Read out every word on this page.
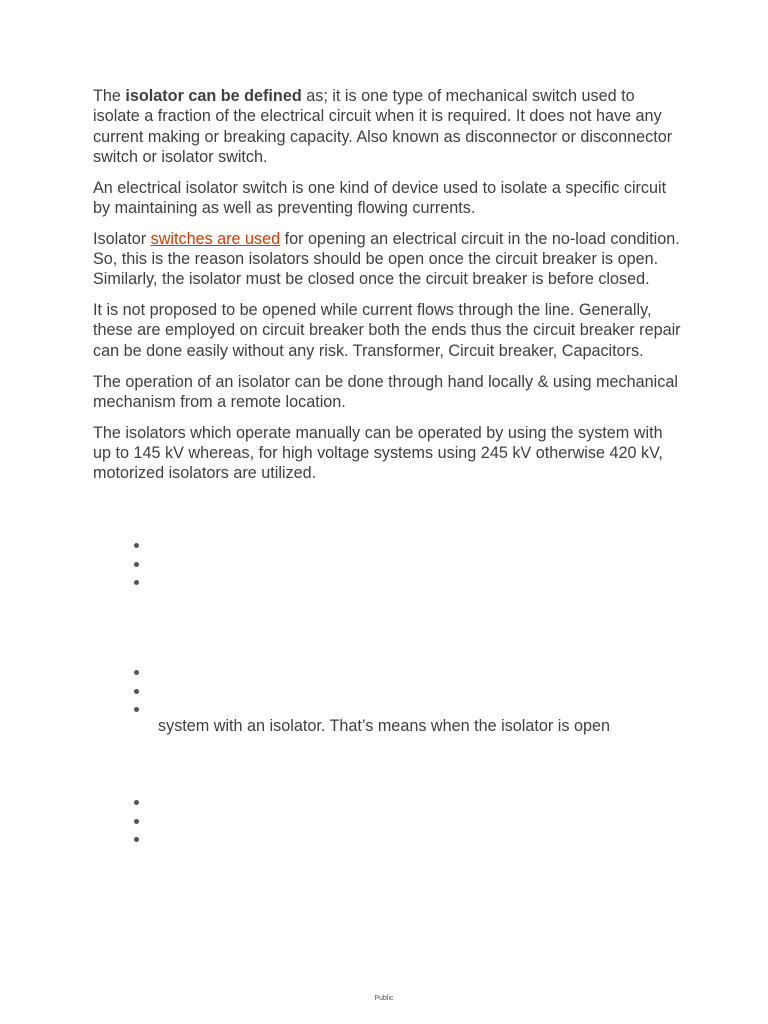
The isolator can be defined as; it is one type of mechanical switch used to isolate a fraction of the electrical circuit when it is required. It does not have any current making or breaking capacity. Also known as disconnector or disconnector switch or isolator switch.

An electrical isolator switch is one kind of device used to isolate a specific circuit by maintaining as well as preventing flowing currents.

Isolator switches are used for opening an electrical circuit in the no-load condition. So, this is the reason isolators should be open once the circuit breaker is open. Similarly, the isolator must be closed once the circuit breaker is before closed.

It is not proposed to be opened while current flows through the line. Generally, these are employed on circuit breaker both the ends thus the circuit breaker repair can be done easily without any risk. Transformer, Circuit breaker, Capacitors.

The operation of an isolator can be done through hand locally & using mechanical mechanism from a remote location.

The isolators which operate manually can be operated by using the system with up to 145 kV whereas, for high voltage systems using 245 kV otherwise 420 kV, motorized isolators are utilized.

system with an isolator. That’s means when the isolator is open
Public
